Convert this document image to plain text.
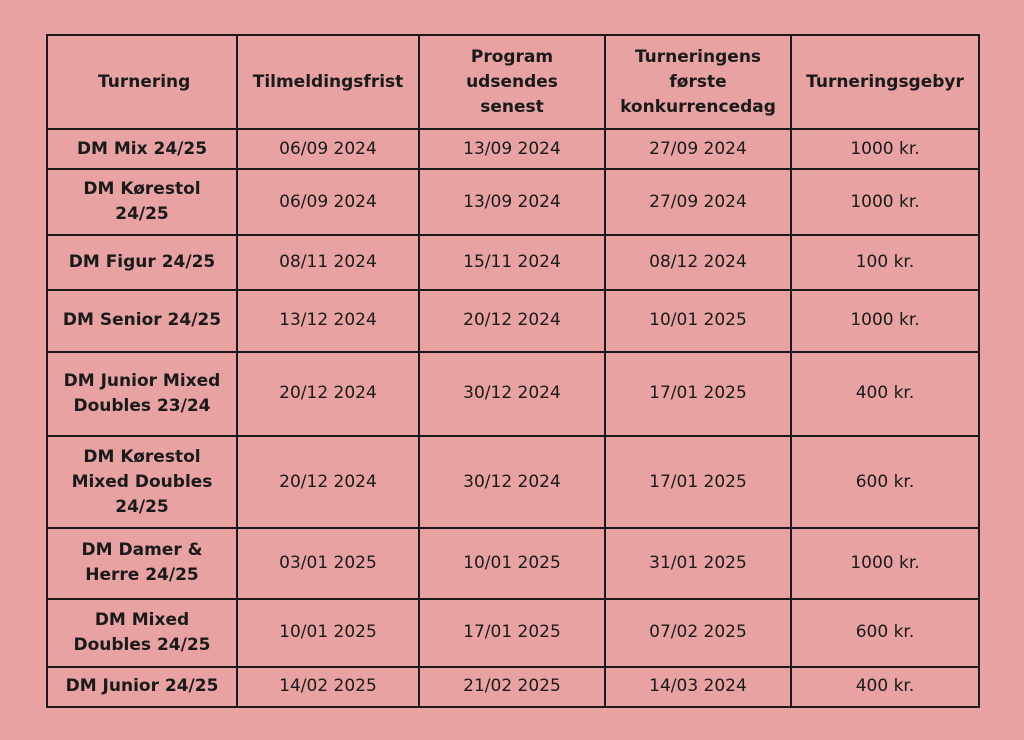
Turnering	Tilmeldingsfrist	Program udsendes senest	Turneringens første konkurrencedag	Turneringsgebyr
DM Mix 24/25	06/09 2024	13/09 2024	27/09 2024	1000 kr.
DM Kørestol 24/25	06/09 2024	13/09 2024	27/09 2024	1000 kr.
DM Figur 24/25	08/11 2024	15/11 2024	08/12 2024	100 kr.
DM Senior 24/25	13/12 2024	20/12 2024	10/01 2025	1000 kr.
DM Junior Mixed Doubles 23/24	20/12 2024	30/12 2024	17/01 2025	400 kr.
DM Kørestol Mixed Doubles 24/25	20/12 2024	30/12 2024	17/01 2025	600 kr.
DM Damer & Herre 24/25	03/01 2025	10/01 2025	31/01 2025	1000 kr.
DM Mixed Doubles 24/25	10/01 2025	17/01 2025	07/02 2025	600 kr.
DM Junior 24/25	14/02 2025	21/02 2025	14/03 2024	400 kr.
